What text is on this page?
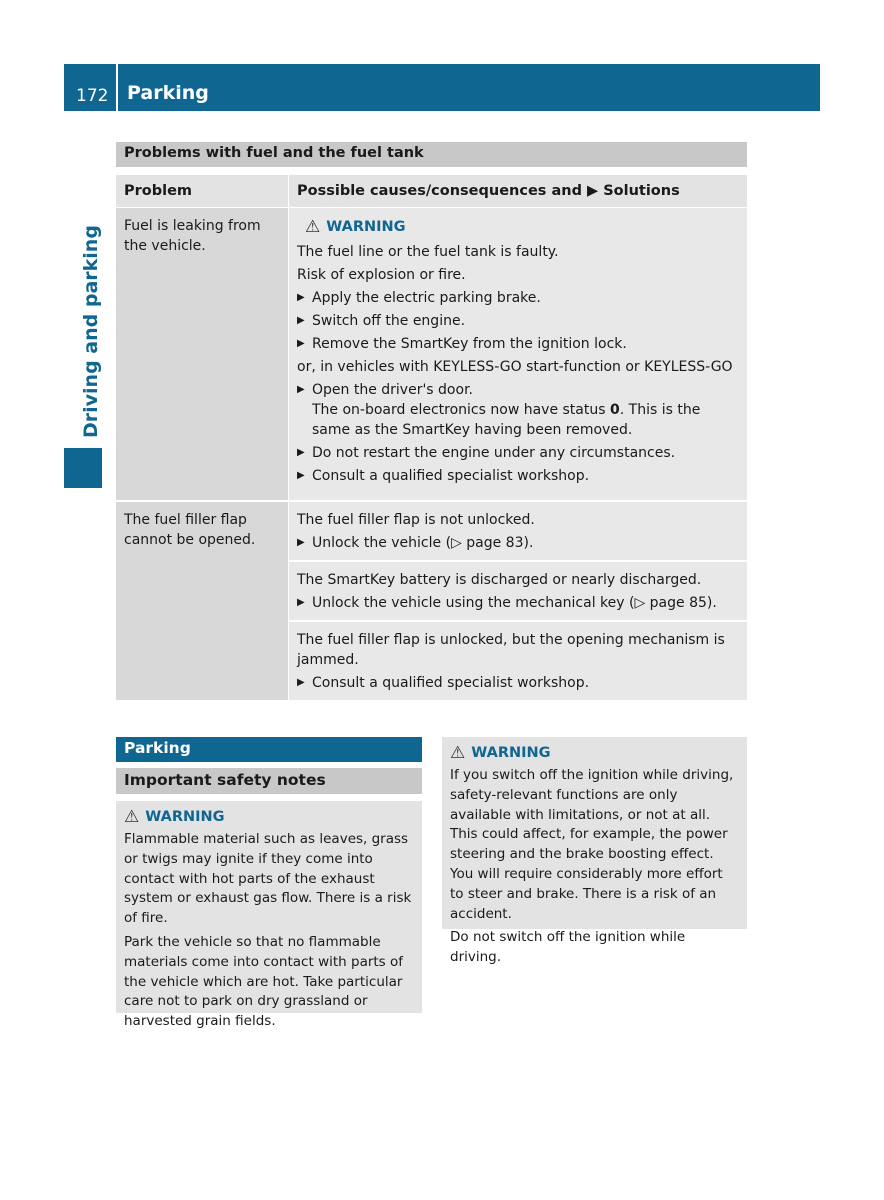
172 Parking
Driving and parking
Problems with fuel and the fuel tank
Problem	Possible causes/consequences and ▶ Solutions
Fuel is leaking from the vehicle.
⚠ WARNING
The fuel line or the fuel tank is faulty.
Risk of explosion or fire.
▶ Apply the electric parking brake.
▶ Switch off the engine.
▶ Remove the SmartKey from the ignition lock.
or, in vehicles with KEYLESS-GO start-function or KEYLESS-GO
▶ Open the driver's door.
The on-board electronics now have status 0. This is the same as the SmartKey having been removed.
▶ Do not restart the engine under any circumstances.
▶ Consult a qualified specialist workshop.
The fuel filler flap cannot be opened.
The fuel filler flap is not unlocked.
▶ Unlock the vehicle (▷ page 83).
The SmartKey battery is discharged or nearly discharged.
▶ Unlock the vehicle using the mechanical key (▷ page 85).
The fuel filler flap is unlocked, but the opening mechanism is jammed.
▶ Consult a qualified specialist workshop.
Parking
Important safety notes
⚠ WARNING
Flammable material such as leaves, grass or twigs may ignite if they come into contact with hot parts of the exhaust system or exhaust gas flow. There is a risk of fire.
Park the vehicle so that no flammable materials come into contact with parts of the vehicle which are hot. Take particular care not to park on dry grassland or harvested grain fields.
⚠ WARNING
If you switch off the ignition while driving, safety-relevant functions are only available with limitations, or not at all. This could affect, for example, the power steering and the brake boosting effect. You will require considerably more effort to steer and brake. There is a risk of an accident.
Do not switch off the ignition while driving.
